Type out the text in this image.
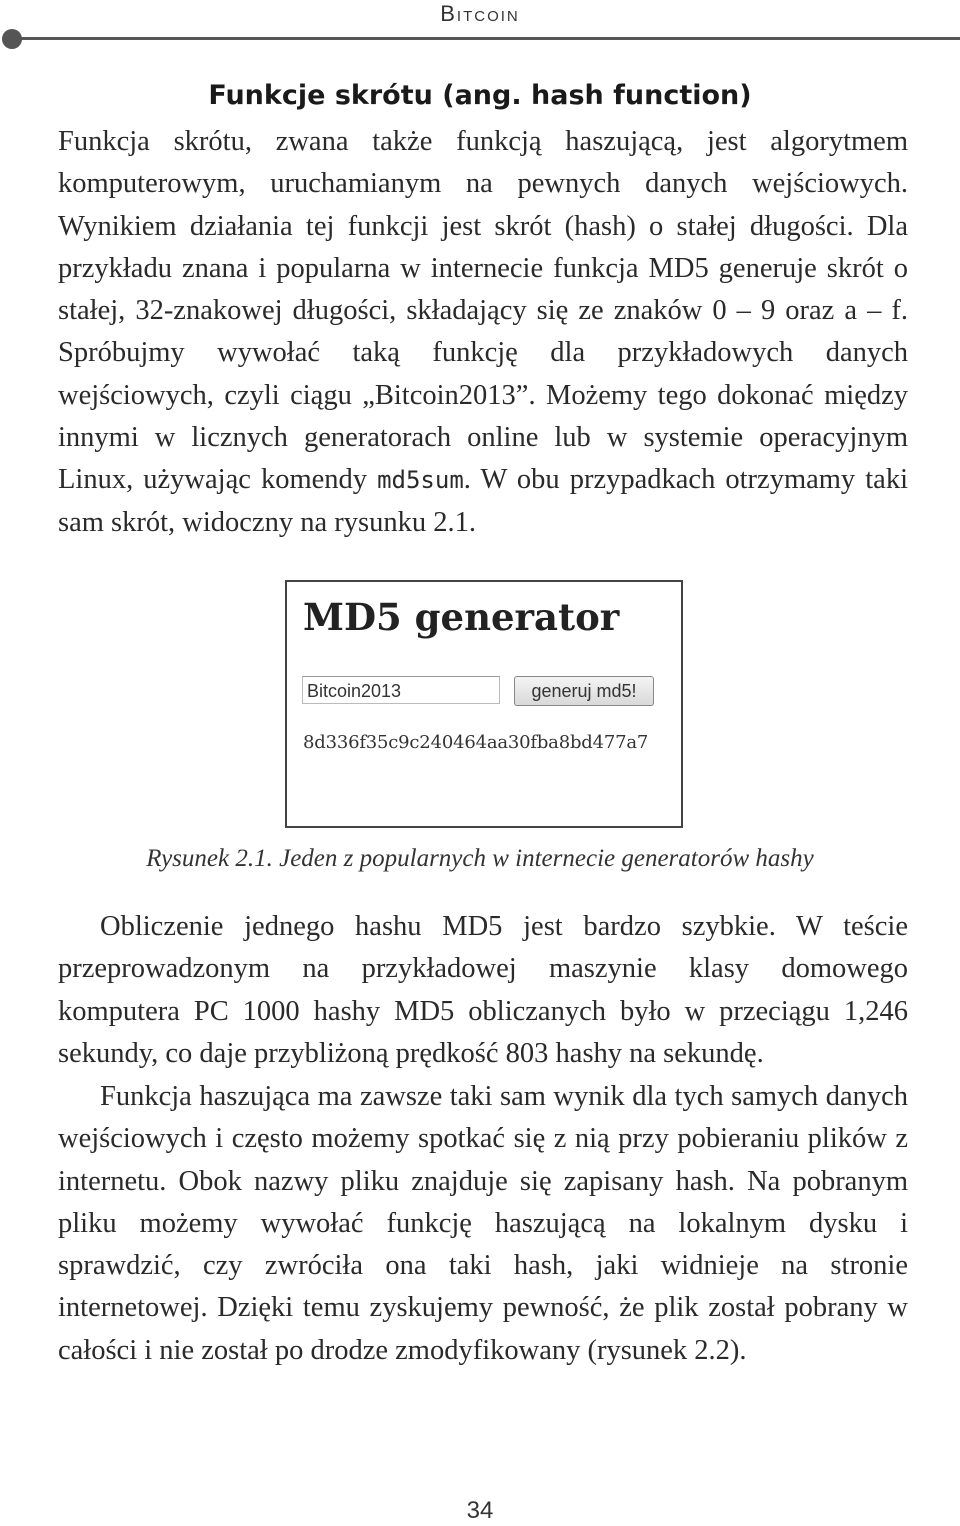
Bitcoin
Funkcje skrótu (ang. hash function)

Funkcja skrótu, zwana także funkcją haszującą, jest algorytmem komputerowym, uruchamianym na pewnych danych wejściowych. Wynikiem działania tej funkcji jest skrót (hash) o stałej długości. Dla przykładu znana i popularna w internecie funkcja MD5 generuje skrót o stałej, 32-znakowej długości, składający się ze znaków 0 – 9 oraz a – f. Spróbujmy wywołać taką funkcję dla przykładowych danych wejściowych, czyli ciągu „Bitcoin2013”. Możemy tego dokonać między innymi w licznych generatorach online lub w systemie operacyjnym Linux, używając komendy md5sum. W obu przypadkach otrzymamy taki sam skrót, widoczny na rysunku 2.1.

MD5 generator
Bitcoin2013	generuj md5!
8d336f35c9c240464aa30fba8bd477a7
Rysunek 2.1. Jeden z popularnych w internecie generatorów hashy

Obliczenie jednego hashu MD5 jest bardzo szybkie. W teście przeprowadzonym na przykładowej maszynie klasy domowego komputera PC 1000 hashy MD5 obliczanych było w przeciągu 1,246 sekundy, co daje przybliżoną prędkość 803 hashy na sekundę.

Funkcja haszująca ma zawsze taki sam wynik dla tych samych danych wejściowych i często możemy spotkać się z nią przy pobieraniu plików z internetu. Obok nazwy pliku znajduje się zapisany hash. Na pobranym pliku możemy wywołać funkcję haszującą na lokalnym dysku i sprawdzić, czy zwróciła ona taki hash, jaki widnieje na stronie internetowej. Dzięki temu zyskujemy pewność, że plik został pobrany w całości i nie został po drodze zmodyfikowany (rysunek 2.2).

34
